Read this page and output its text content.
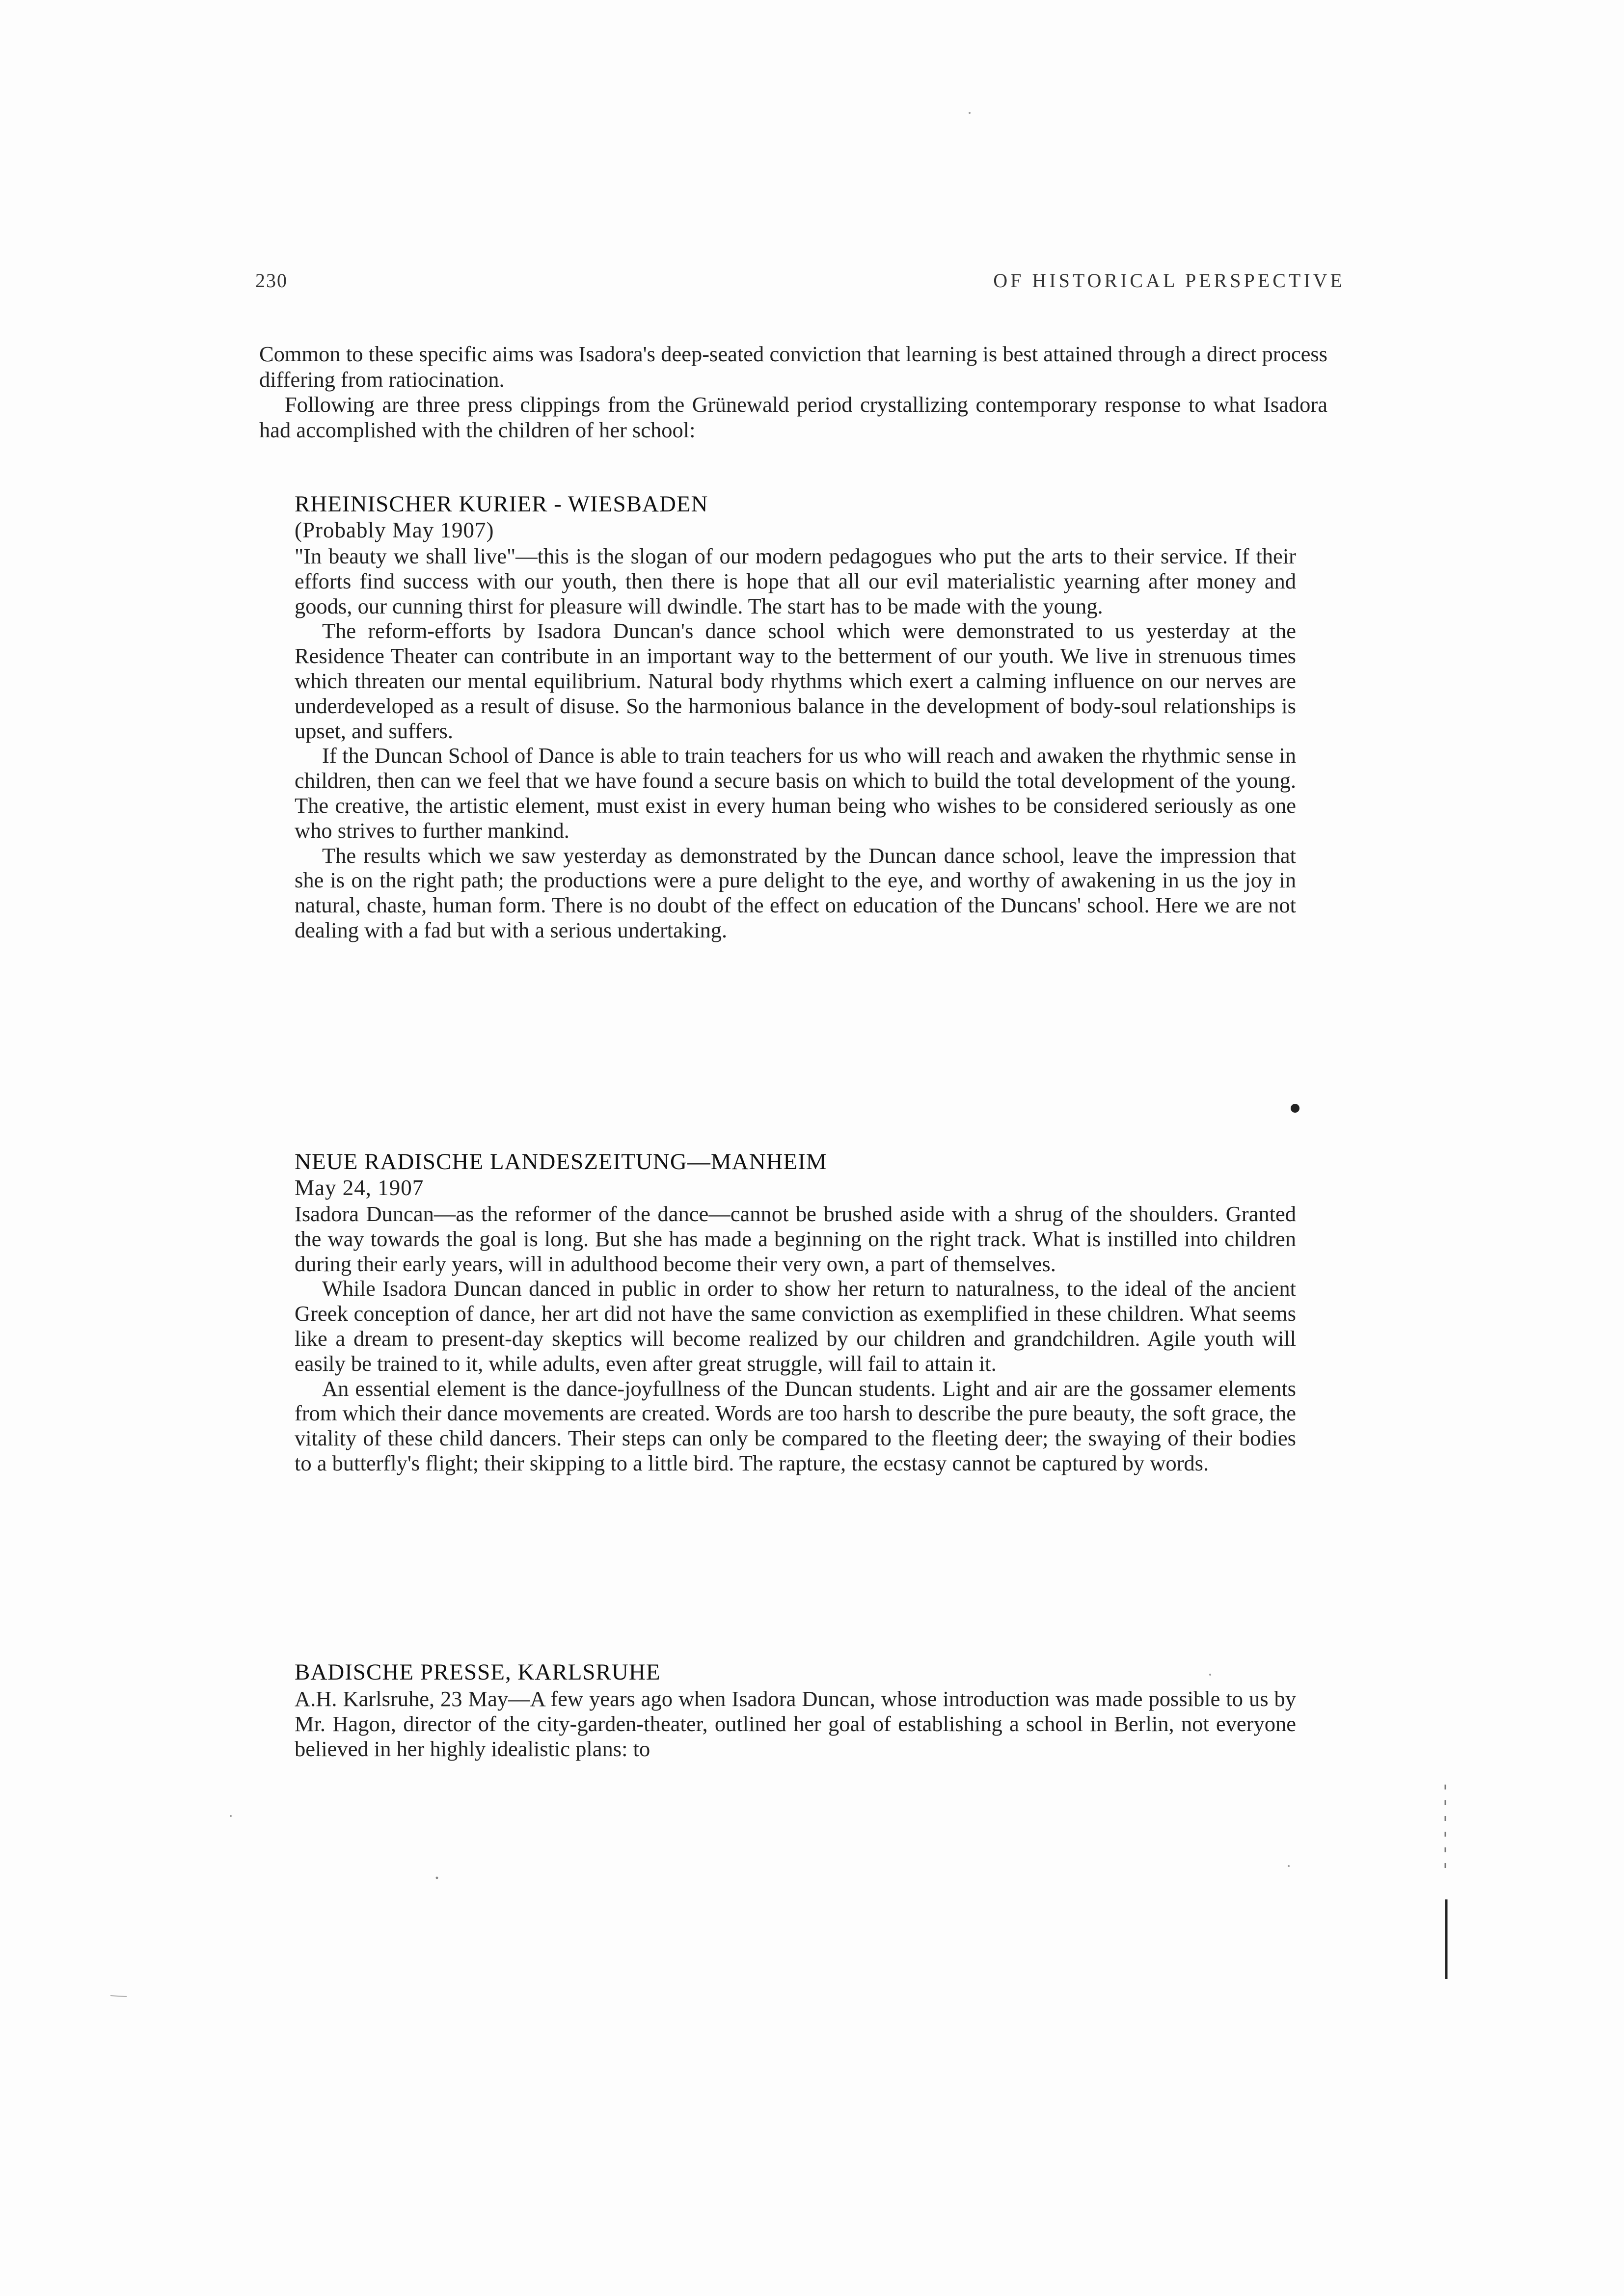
230	OF HISTORICAL PERSPECTIVE

Common to these specific aims was Isadora's deep-seated conviction that learning is best attained through a direct process differing from ratiocination.

Following are three press clippings from the Grünewald period crystallizing contemporary response to what Isadora had accomplished with the children of her school:

RHEINISCHER KURIER - WIESBADEN
(Probably May 1907)

"In beauty we shall live"—this is the slogan of our modern pedagogues who put the arts to their service. If their efforts find success with our youth, then there is hope that all our evil materialistic yearning after money and goods, our cunning thirst for pleasure will dwindle. The start has to be made with the young.

The reform-efforts by Isadora Duncan's dance school which were demonstrated to us yesterday at the Residence Theater can contribute in an important way to the betterment of our youth. We live in strenuous times which threaten our mental equilibrium. Natural body rhythms which exert a calming influence on our nerves are underdeveloped as a result of disuse. So the harmonious balance in the development of body-soul relationships is upset, and suffers.

If the Duncan School of Dance is able to train teachers for us who will reach and awaken the rhythmic sense in children, then can we feel that we have found a secure basis on which to build the total development of the young. The creative, the artistic element, must exist in every human being who wishes to be considered seriously as one who strives to further mankind.

The results which we saw yesterday as demonstrated by the Duncan dance school, leave the impression that she is on the right path; the productions were a pure delight to the eye, and worthy of awakening in us the joy in natural, chaste, human form. There is no doubt of the effect on education of the Duncans' school. Here we are not dealing with a fad but with a serious undertaking.

NEUE RADISCHE LANDESZEITUNG—MANHEIM
May 24, 1907

Isadora Duncan—as the reformer of the dance—cannot be brushed aside with a shrug of the shoulders. Granted the way towards the goal is long. But she has made a beginning on the right track. What is instilled into children during their early years, will in adulthood become their very own, a part of themselves.

While Isadora Duncan danced in public in order to show her return to naturalness, to the ideal of the ancient Greek conception of dance, her art did not have the same conviction as exemplified in these children. What seems like a dream to present-day skeptics will become realized by our children and grandchildren. Agile youth will easily be trained to it, while adults, even after great struggle, will fail to attain it.

An essential element is the dance-joyfullness of the Duncan students. Light and air are the gossamer elements from which their dance movements are created. Words are too harsh to describe the pure beauty, the soft grace, the vitality of these child dancers. Their steps can only be compared to the fleeting deer; the swaying of their bodies to a butterfly's flight; their skipping to a little bird. The rapture, the ecstasy cannot be captured by words.

BADISCHE PRESSE, KARLSRUHE

A.H. Karlsruhe, 23 May—A few years ago when Isadora Duncan, whose introduction was made possible to us by Mr. Hagon, director of the city-garden-theater, outlined her goal of establishing a school in Berlin, not everyone believed in her highly idealistic plans: to
